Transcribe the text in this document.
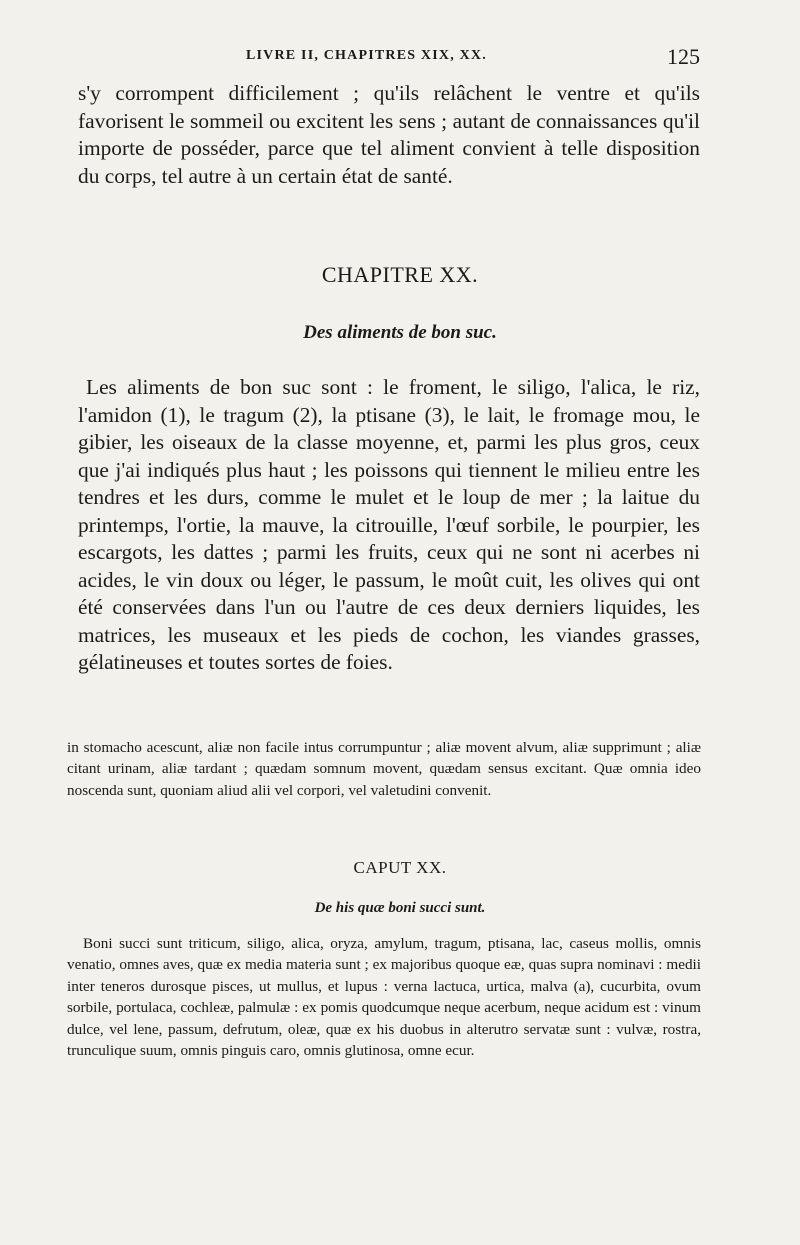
LIVRE II, CHAPITRES XIX, XX.	125

s'y corrompent difficilement ; qu'ils relâchent le ventre et qu'ils favorisent le sommeil ou excitent les sens ; autant de connaissances qu'il importe de posséder, parce que tel aliment convient à telle disposition du corps, tel autre à un certain état de santé.

CHAPITRE XX.
Des aliments de bon suc.

Les aliments de bon suc sont : le froment, le siligo, l'alica, le riz, l'amidon (1), le tragum (2), la ptisane (3), le lait, le fromage mou, le gibier, les oiseaux de la classe moyenne, et, parmi les plus gros, ceux que j'ai indiqués plus haut ; les poissons qui tiennent le milieu entre les tendres et les durs, comme le mulet et le loup de mer ; la laitue du printemps, l'ortie, la mauve, la citrouille, l'œuf sorbile, le pourpier, les escargots, les dattes ; parmi les fruits, ceux qui ne sont ni acerbes ni acides, le vin doux ou léger, le passum, le moût cuit, les olives qui ont été conservées dans l'un ou l'autre de ces deux derniers liquides, les matrices, les museaux et les pieds de cochon, les viandes grasses, gélatineuses et toutes sortes de foies.

in stomacho acescunt, aliæ non facile intus corrumpuntur ; aliæ movent alvum, aliæ supprimunt ; aliæ citant urinam, aliæ tardant ; quædam somnum movent, quædam sensus excitant. Quæ omnia ideo noscenda sunt, quoniam aliud alii vel corpori, vel valetudini convenit.

CAPUT XX.
De his quæ boni succi sunt.

Boni succi sunt triticum, siligo, alica, oryza, amylum, tragum, ptisana, lac, caseus mollis, omnis venatio, omnes aves, quæ ex media materia sunt ; ex majoribus quoque eæ, quas supra nominavi : medii inter teneros durosque pisces, ut mullus, et lupus : verna lactuca, urtica, malva (a), cucurbita, ovum sorbile, portulaca, cochleæ, palmulæ : ex pomis quodcumque neque acerbum, neque acidum est : vinum dulce, vel lene, passum, defrutum, oleæ, quæ ex his duobus in alterutro servatæ sunt : vulvæ, rostra, trunculique suum, omnis pinguis caro, omnis glutinosa, omne ecur.
